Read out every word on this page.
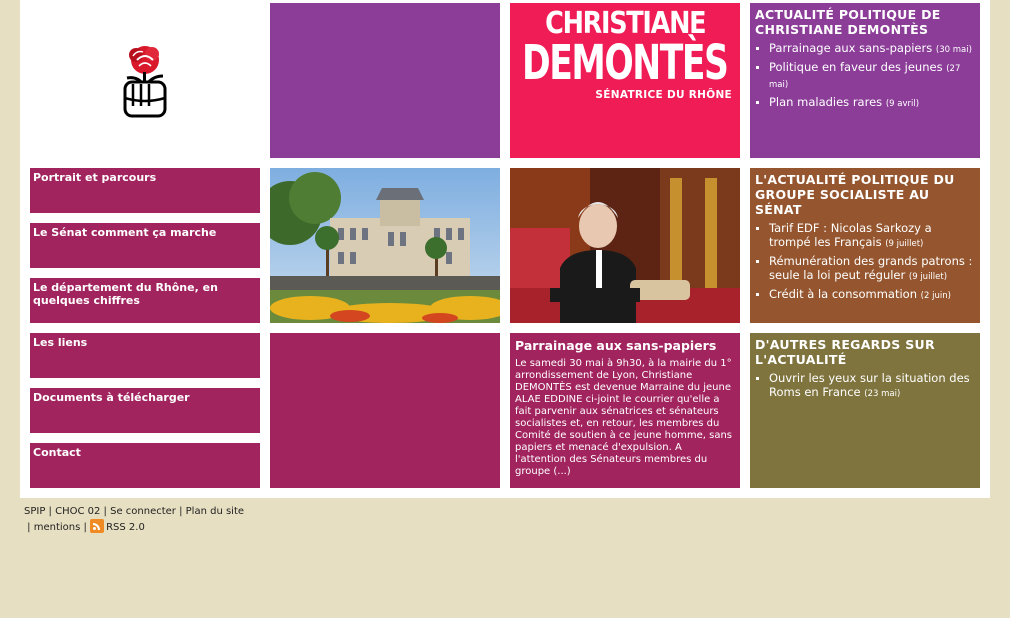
CHRISTIANE
DEMONTÈS
SÉNATRICE DU RHÔNE
ACTUALITÉ POLITIQUE DE CHRISTIANE DEMONTÈS
Parrainage aux sans-papiers (30 mai)
Politique en faveur des jeunes (27 mai)
Plan maladies rares (9 avril)
Portrait et parcours
Le Sénat comment ça marche
Le département du Rhône, en quelques chiffres
Les liens
Documents à télécharger
Contact
L'ACTUALITÉ POLITIQUE DU GROUPE SOCIALISTE AU SÉNAT
Tarif EDF : Nicolas Sarkozy a trompé les Français (9 juillet)
Rémunération des grands patrons : seule la loi peut réguler (9 juillet)
Crédit à la consommation (2 juin)
Parrainage aux sans-papiers
Le samedi 30 mai à 9h30, à la mairie du 1° arrondissement de Lyon, Christiane DEMONTÈS est devenue Marraine du jeune ALAE EDDINE ci-joint le courrier qu'elle a fait parvenir aux sénatrices et sénateurs socialistes et, en retour, les membres du Comité de soutien à ce jeune homme, sans papiers et menacé d'expulsion. A l'attention des Sénateurs membres du groupe (...)
D'AUTRES REGARDS SUR L'ACTUALITÉ
Ouvrir les yeux sur la situation des Roms en France (23 mai)
SPIP | CHOC 02 | Se connecter | Plan du site
| mentions | RSS 2.0
